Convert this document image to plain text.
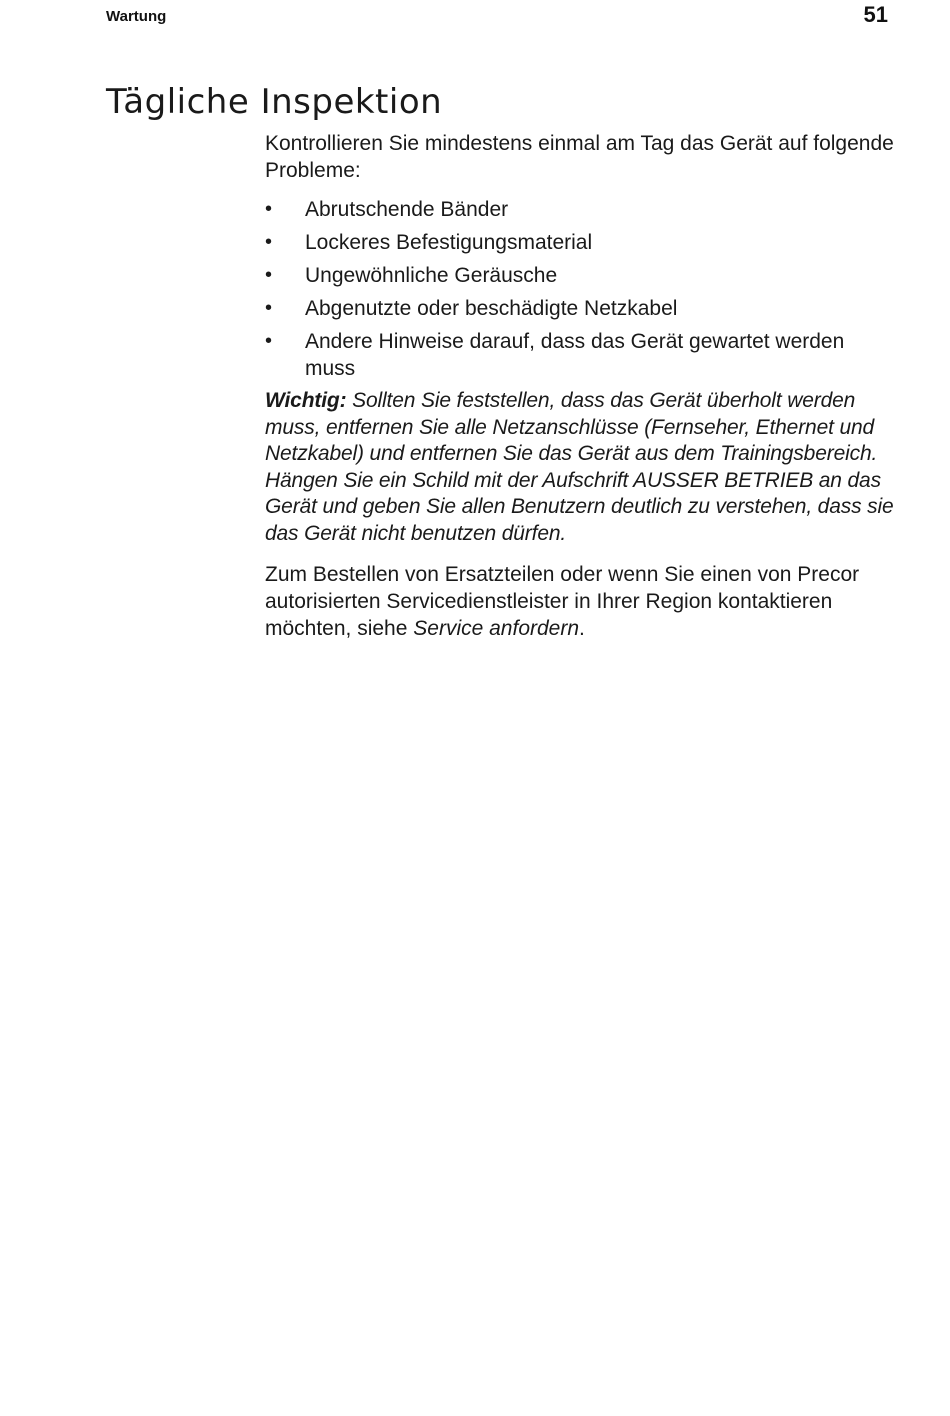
Wartung	51
Tägliche Inspektion

Kontrollieren Sie mindestens einmal am Tag das Gerät auf folgende Probleme:

• Abrutschende Bänder
• Lockeres Befestigungsmaterial
• Ungewöhnliche Geräusche
• Abgenutzte oder beschädigte Netzkabel
• Andere Hinweise darauf, dass das Gerät gewartet werden muss

Wichtig: Sollten Sie feststellen, dass das Gerät überholt werden muss, entfernen Sie alle Netzanschlüsse (Fernseher, Ethernet und Netzkabel) und entfernen Sie das Gerät aus dem Trainingsbereich. Hängen Sie ein Schild mit der Aufschrift AUSSER BETRIEB an das Gerät und geben Sie allen Benutzern deutlich zu verstehen, dass sie das Gerät nicht benutzen dürfen.

Zum Bestellen von Ersatzteilen oder wenn Sie einen von Precor autorisierten Servicedienstleister in Ihrer Region kontaktieren möchten, siehe Service anfordern.
